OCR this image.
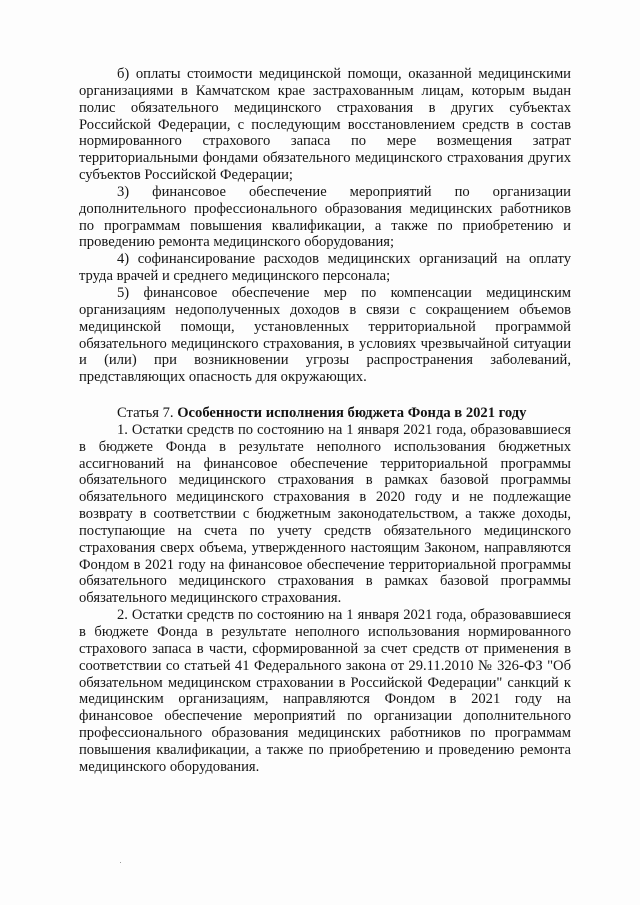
б) оплаты стоимости медицинской помощи, оказанной медицинскими организациями в Камчатском крае застрахованным лицам, которым выдан полис обязательного медицинского страхования в других субъектах Российской Федерации, с последующим восстановлением средств в состав нормированного страхового запаса по мере возмещения затрат территориальными фондами обязательного медицинского страхования других субъектов Российской Федерации;

3) финансовое обеспечение мероприятий по организации дополнительного профессионального образования медицинских работников по программам повышения квалификации, а также по приобретению и проведению ремонта медицинского оборудования;

4) софинансирование расходов медицинских организаций на оплату труда врачей и среднего медицинского персонала;

5) финансовое обеспечение мер по компенсации медицинским организациям недополученных доходов в связи с сокращением объемов медицинской помощи, установленных территориальной программой обязательного медицинского страхования, в условиях чрезвычайной ситуации и (или) при возникновении угрозы распространения заболеваний, представляющих опасность для окружающих.

Статья 7. Особенности исполнения бюджета Фонда в 2021 году

1. Остатки средств по состоянию на 1 января 2021 года, образовавшиеся в бюджете Фонда в результате неполного использования бюджетных ассигнований на финансовое обеспечение территориальной программы обязательного медицинского страхования в рамках базовой программы обязательного медицинского страхования в 2020 году и не подлежащие возврату в соответствии с бюджетным законодательством, а также доходы, поступающие на счета по учету средств обязательного медицинского страхования сверх объема, утвержденного настоящим Законом, направляются Фондом в 2021 году на финансовое обеспечение территориальной программы обязательного медицинского страхования в рамках базовой программы обязательного медицинского страхования.

2. Остатки средств по состоянию на 1 января 2021 года, образовавшиеся в бюджете Фонда в результате неполного использования нормированного страхового запаса в части, сформированной за счет средств от применения в соответствии со статьей 41 Федерального закона от 29.11.2010 № 326-ФЗ "Об обязательном медицинском страховании в Российской Федерации" санкций к медицинским организациям, направляются Фондом в 2021 году на финансовое обеспечение мероприятий по организации дополнительного профессионального образования медицинских работников по программам повышения квалификации, а также по приобретению и проведению ремонта медицинского оборудования.
